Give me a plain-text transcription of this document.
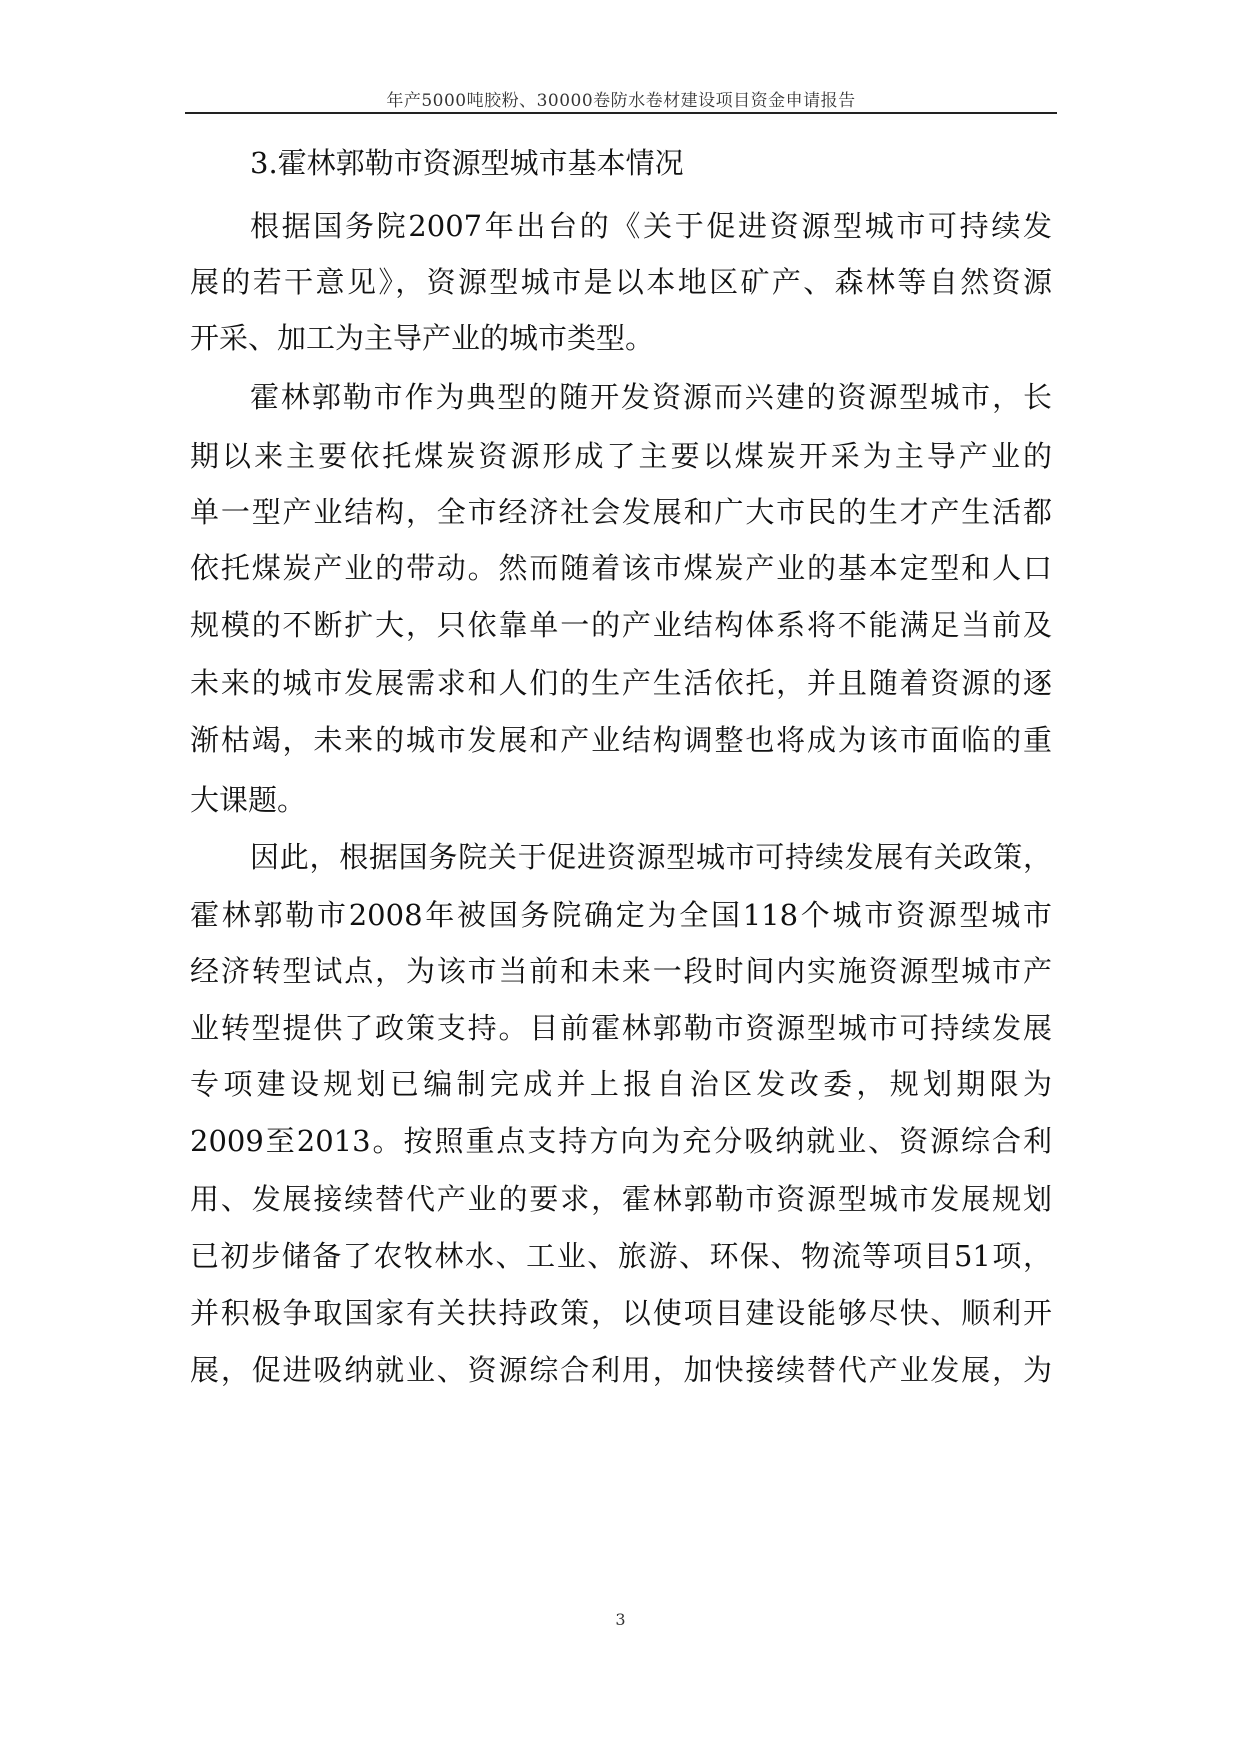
年产5000吨胶粉、30000卷防水卷材建设项目资金申请报告
3.霍林郭勒市资源型城市基本情况
根据国务院2007年出台的《关于促进资源型城市可持续发
展的若干意见》，资源型城市是以本地区矿产、森林等自然资源
开采、加工为主导产业的城市类型。
霍林郭勒市作为典型的随开发资源而兴建的资源型城市，长
期以来主要依托煤炭资源形成了主要以煤炭开采为主导产业的
单一型产业结构，全市经济社会发展和广大市民的生才产生活都
依托煤炭产业的带动。然而随着该市煤炭产业的基本定型和人口
规模的不断扩大，只依靠单一的产业结构体系将不能满足当前及
未来的城市发展需求和人们的生产生活依托，并且随着资源的逐
渐枯竭，未来的城市发展和产业结构调整也将成为该市面临的重
大课题。
因此，根据国务院关于促进资源型城市可持续发展有关政策，
霍林郭勒市2008年被国务院确定为全国118个城市资源型城市
经济转型试点，为该市当前和未来一段时间内实施资源型城市产
业转型提供了政策支持。目前霍林郭勒市资源型城市可持续发展
专项建设规划已编制完成并上报自治区发改委，规划期限为
2009至2013。按照重点支持方向为充分吸纳就业、资源综合利
用、发展接续替代产业的要求，霍林郭勒市资源型城市发展规划
已初步储备了农牧林水、工业、旅游、环保、物流等项目51项，
并积极争取国家有关扶持政策，以使项目建设能够尽快、顺利开
展，促进吸纳就业、资源综合利用，加快接续替代产业发展，为
3
